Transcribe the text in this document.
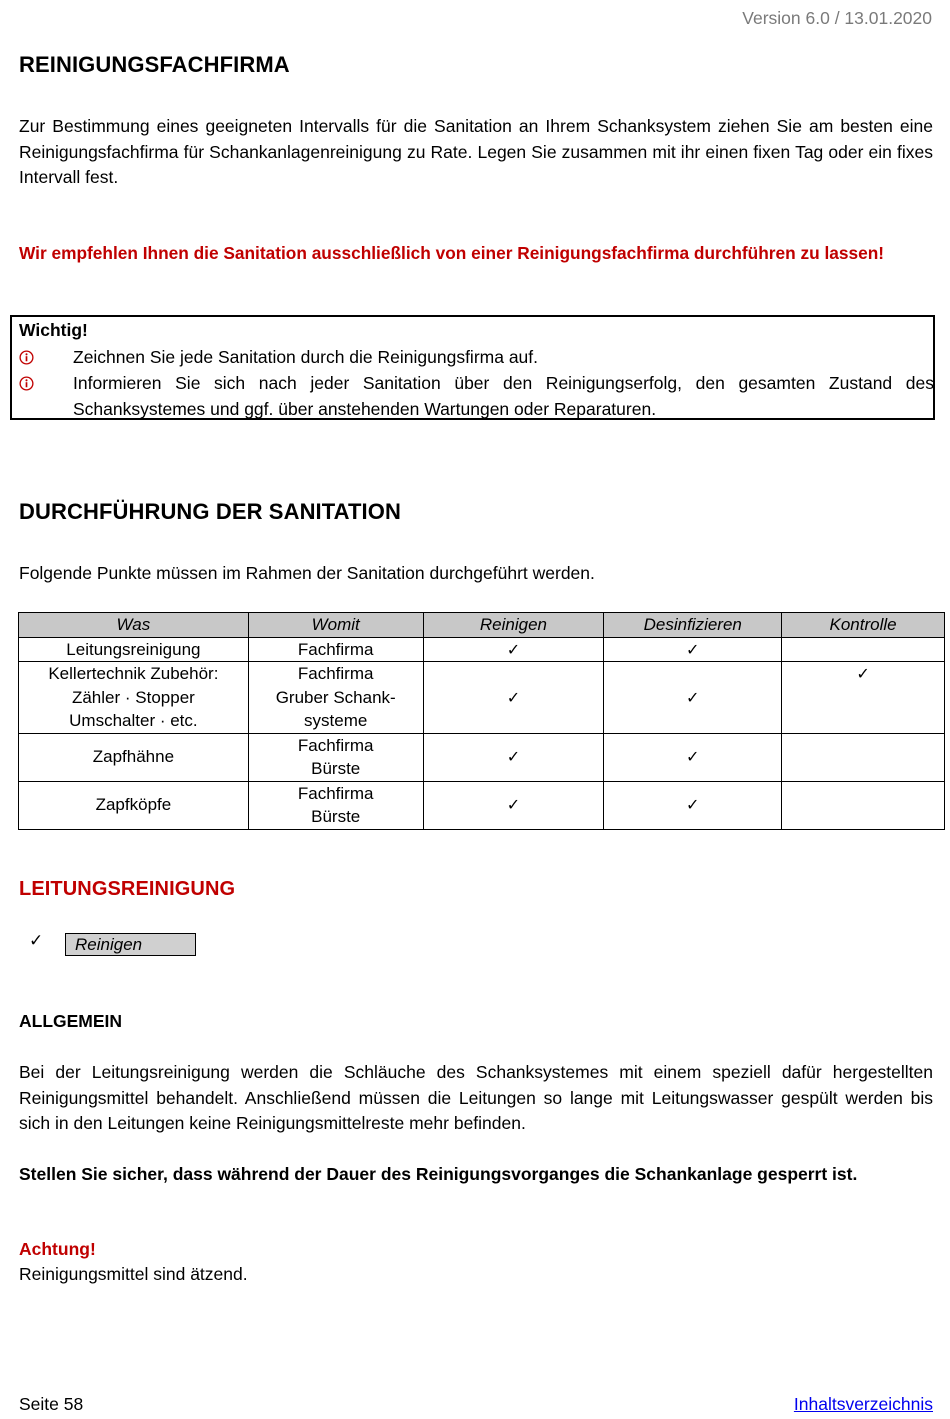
Version 6.0 / 13.01.2020
REINIGUNGSFACHFIRMA

Zur Bestimmung eines geeigneten Intervalls für die Sanitation an Ihrem Schanksystem ziehen Sie am besten eine Reinigungsfachfirma für Schankanlagenreinigung zu Rate. Legen Sie zusammen mit ihr einen fixen Tag oder ein fixes Intervall fest.

Wir empfehlen Ihnen die Sanitation ausschließlich von einer Reinigungsfachfirma durchführen zu lassen!
Wichtig!
Zeichnen Sie jede Sanitation durch die Reinigungsfirma auf.
Informieren Sie sich nach jeder Sanitation über den Reinigungserfolg, den gesamten Zustand des Schanksystemes und ggf. über anstehenden Wartungen oder Reparaturen.
DURCHFÜHRUNG DER SANITATION
Folgende Punkte müssen im Rahmen der Sanitation durchgeführt werden.
Was	Womit	Reinigen	Desinfizieren	Kontrolle
Leitungsreinigung	Fachfirma	✓	✓	
Kellertechnik Zubehör:
Zähler · Stopper
Umschalter · etc.	Fachfirma
Gruber Schank-
systeme	✓	✓	✓
Zapfhähne	Fachfirma
Bürste	✓	✓	
Zapfköpfe	Fachfirma
Bürste	✓	✓	
LEITUNGSREINIGUNG
✓	Reinigen
ALLGEMEIN

Bei der Leitungsreinigung werden die Schläuche des Schanksystemes mit einem speziell dafür hergestellten Reinigungsmittel behandelt. Anschließend müssen die Leitungen so lange mit Leitungswasser gespült werden bis sich in den Leitungen keine Reinigungsmittelreste mehr befinden.

Stellen Sie sicher, dass während der Dauer des Reinigungsvorganges die Schankanlage gesperrt ist.
Achtung!
Reinigungsmittel sind ätzend.
Seite 58	Inhaltsverzeichnis
